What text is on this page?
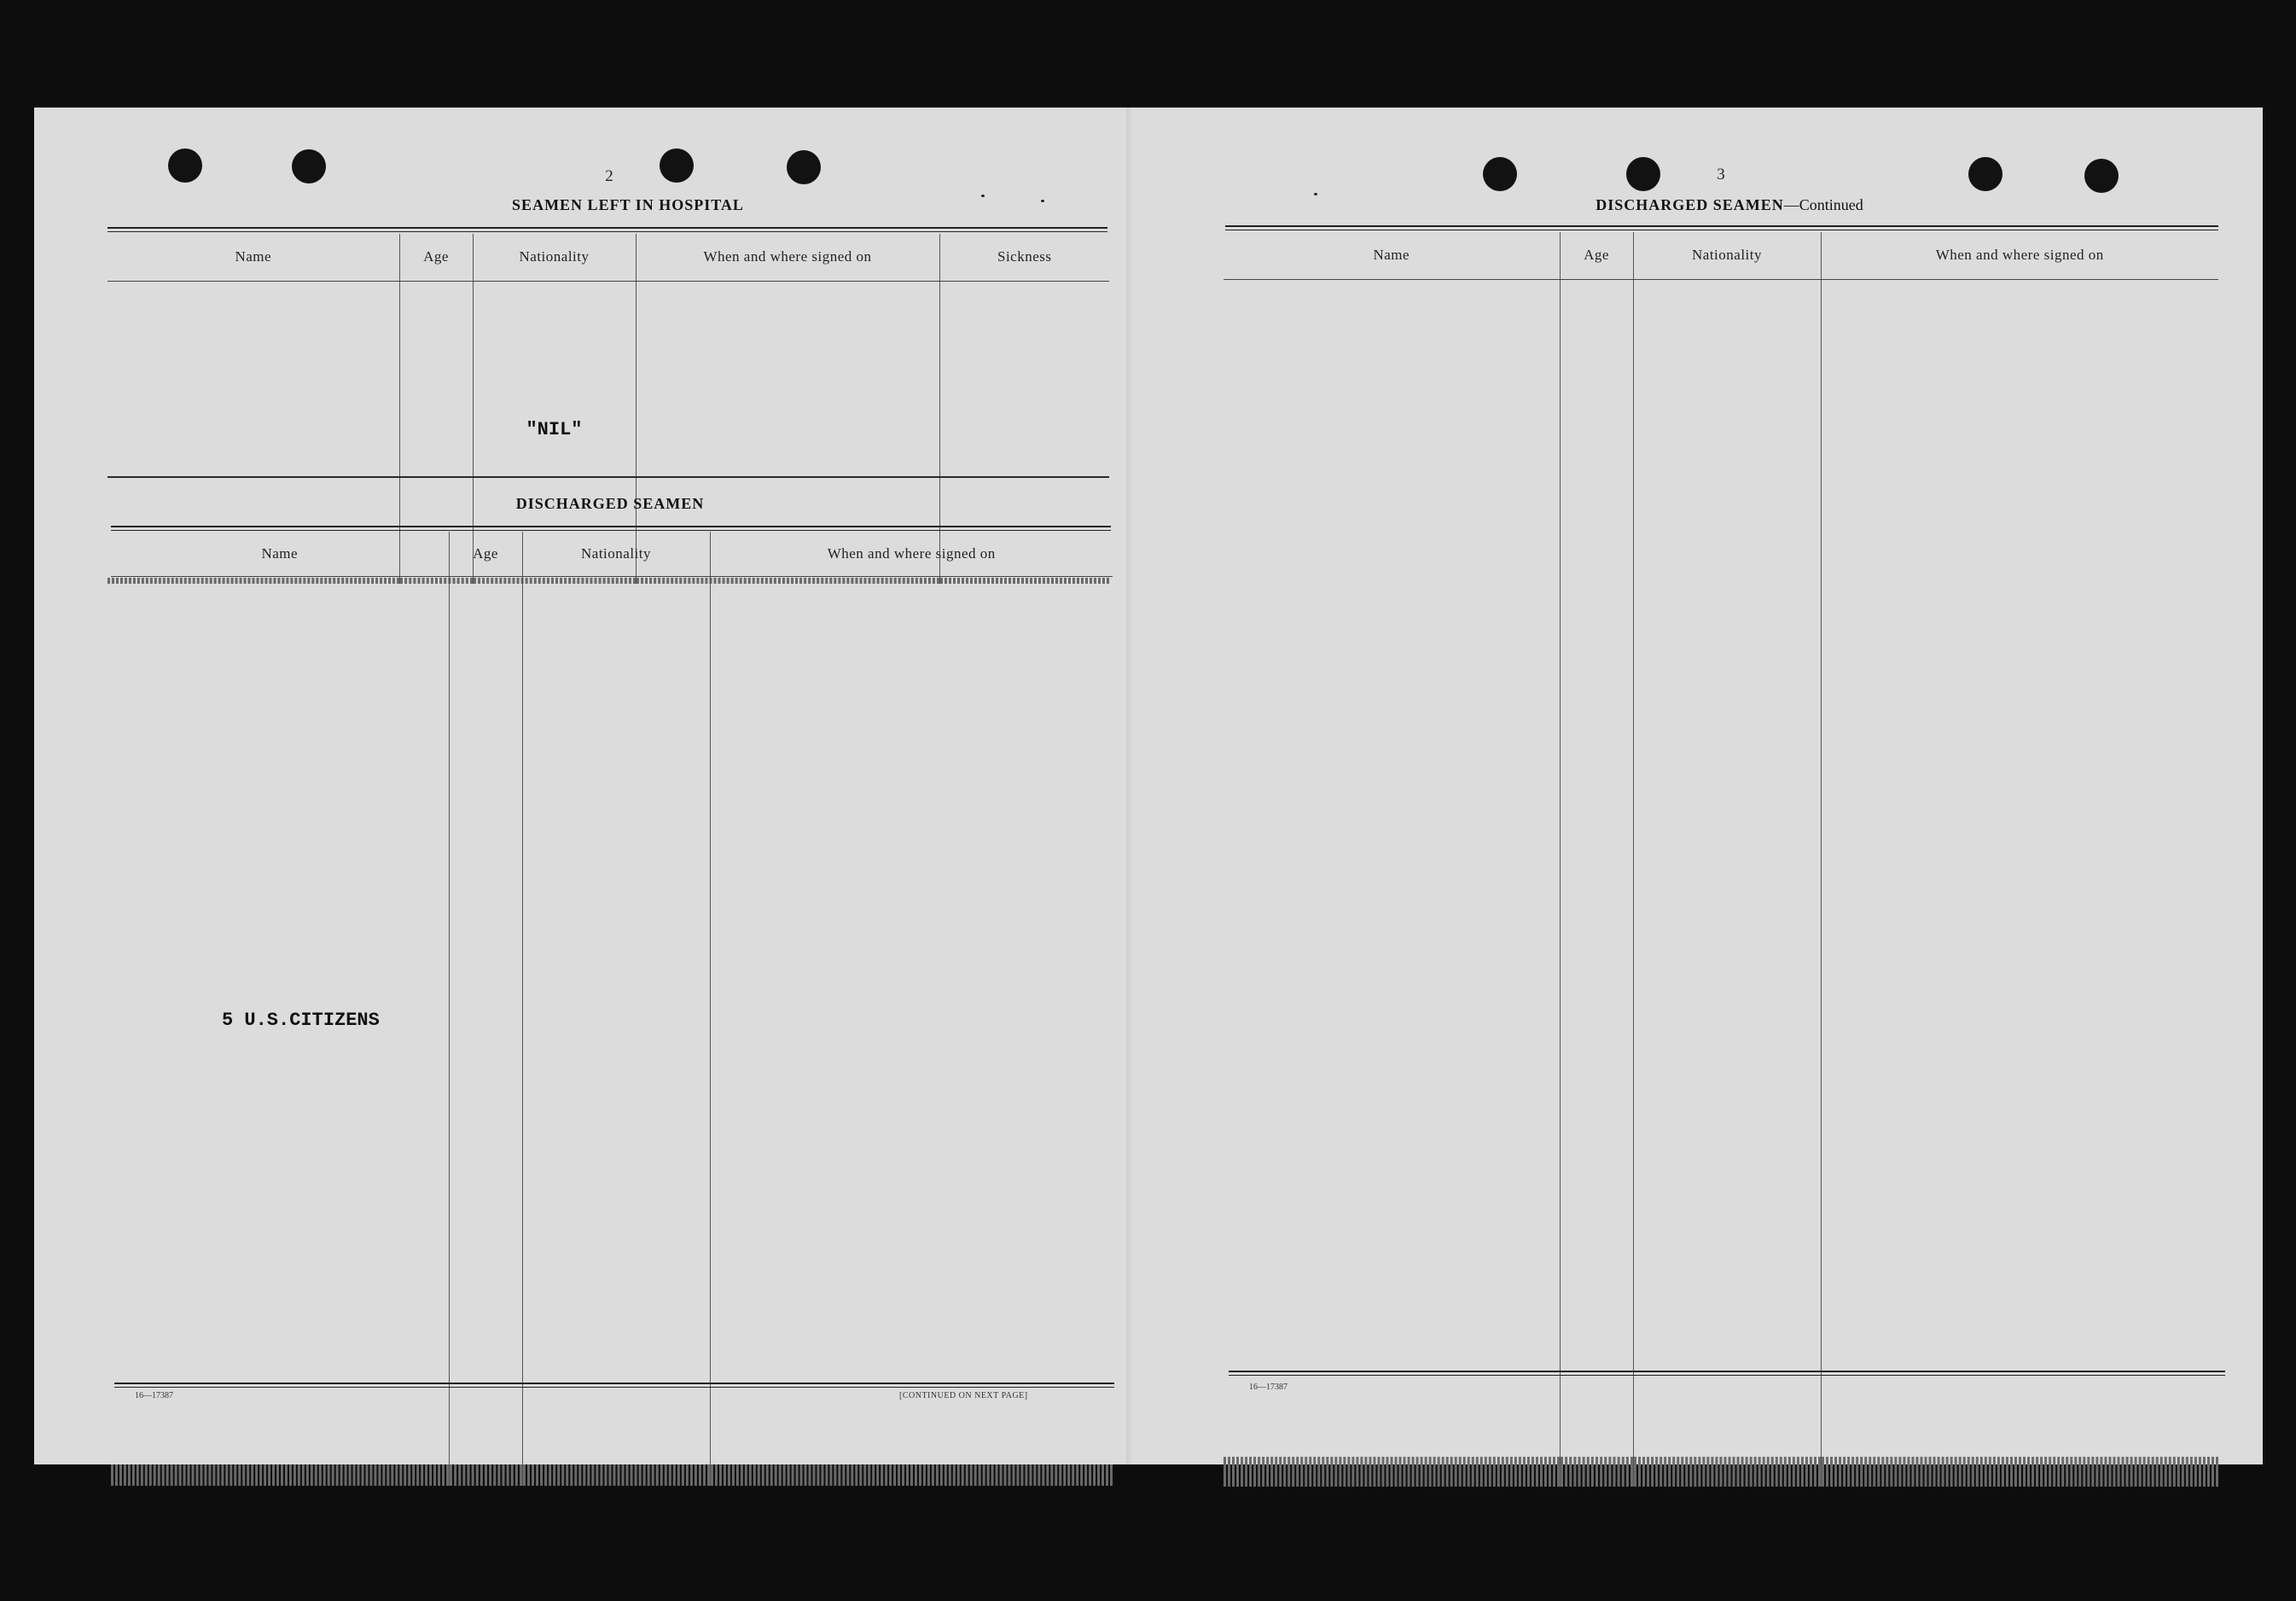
2
SEAMEN LEFT IN HOSPITAL
Name	Age	Nationality	When and where signed on	Sickness
		"NIL"		

DISCHARGED SEAMEN
Name	Age	Nationality	When and where signed on
5 U.S.CITIZENS			

16—17387	[CONTINUED ON NEXT PAGE]
3
DISCHARGED SEAMEN—Continued
Name	Age	Nationality	When and where signed on

16—17387
